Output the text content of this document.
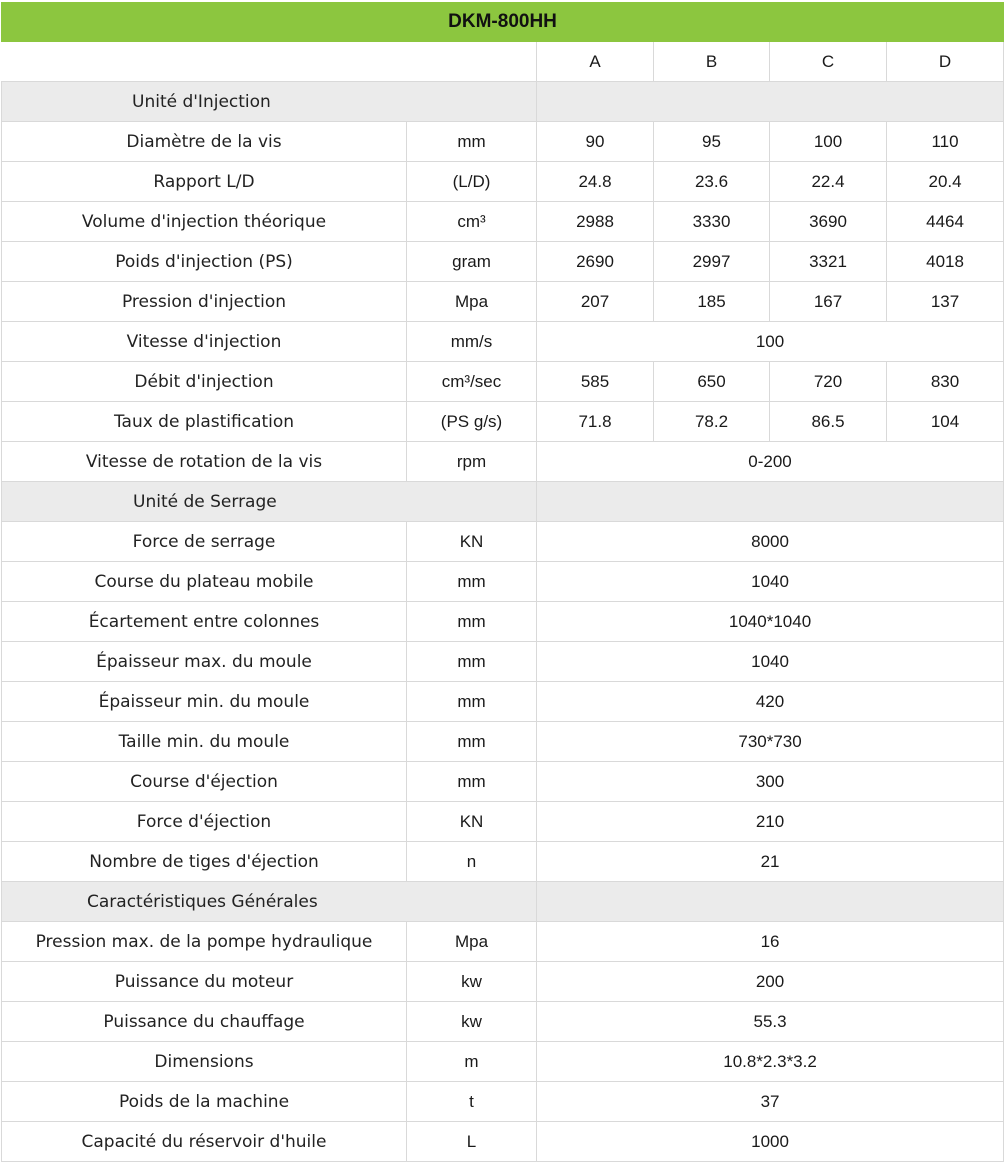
DKM-800HH					
		A	B	C	D
Unité d'Injection					
Diamètre de la vis	mm	90	95	100	110
Rapport L/D	(L/D)	24.8	23.6	22.4	20.4
Volume d'injection théorique	cm³	2988	3330	3690	4464
Poids d'injection (PS)	gram	2690	2997	3321	4018
Pression d'injection	Mpa	207	185	167	137
Vitesse d'injection	mm/s	100			
Débit d'injection	cm³/sec	585	650	720	830
Taux de plastification	(PS g/s)	71.8	78.2	86.5	104
Vitesse de rotation de la vis	rpm	0-200			
Unité de Serrage					
Force de serrage	KN	8000			
Course du plateau mobile	mm	1040			
Écartement entre colonnes	mm	1040*1040			
Épaisseur max. du moule	mm	1040			
Épaisseur min. du moule	mm	420			
Taille min. du moule	mm	730*730			
Course d'éjection	mm	300			
Force d'éjection	KN	210			
Nombre de tiges d'éjection	n	21			
Caractéristiques Générales					
Pression max. de la pompe hydraulique	Mpa	16			
Puissance du moteur	kw	200			
Puissance du chauffage	kw	55.3			
Dimensions	m	10.8*2.3*3.2			
Poids de la machine	t	37			
Capacité du réservoir d'huile	L	1000			
